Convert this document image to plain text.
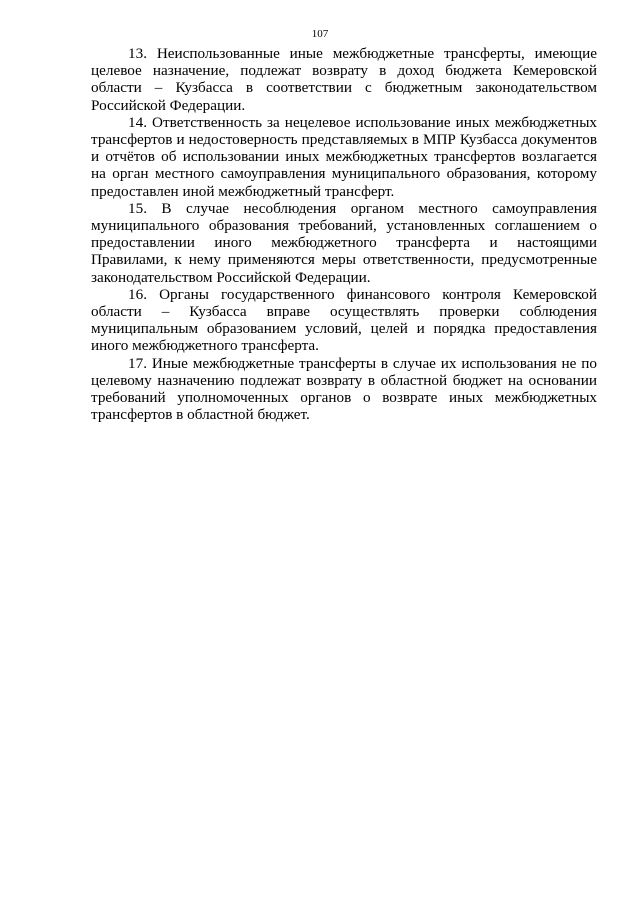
107

13. Неиспользованные иные межбюджетные трансферты, имеющие целевое назначение, подлежат возврату в доход бюджета Кемеровской области – Кузбасса в соответствии с бюджетным законодательством Российской Федерации.

14. Ответственность за нецелевое использование иных межбюджетных трансфертов и недостоверность представляемых в МПР Кузбасса документов и отчётов об использовании иных межбюджетных трансфертов возлагается на орган местного самоуправления муниципального образования, которому предоставлен иной межбюджетный трансферт.

15. В случае несоблюдения органом местного самоуправления муниципального образования требований, установленных соглашением о предоставлении иного межбюджетного трансферта и настоящими Правилами, к нему применяются меры ответственности, предусмотренные законодательством Российской Федерации.

16. Органы государственного финансового контроля Кемеровской области – Кузбасса вправе осуществлять проверки соблюдения муниципальным образованием условий, целей и порядка предоставления иного межбюджетного трансферта.

17. Иные межбюджетные трансферты в случае их использования не по целевому назначению подлежат возврату в областной бюджет на основании требований уполномоченных органов о возврате иных межбюджетных трансфертов в областной бюджет.
